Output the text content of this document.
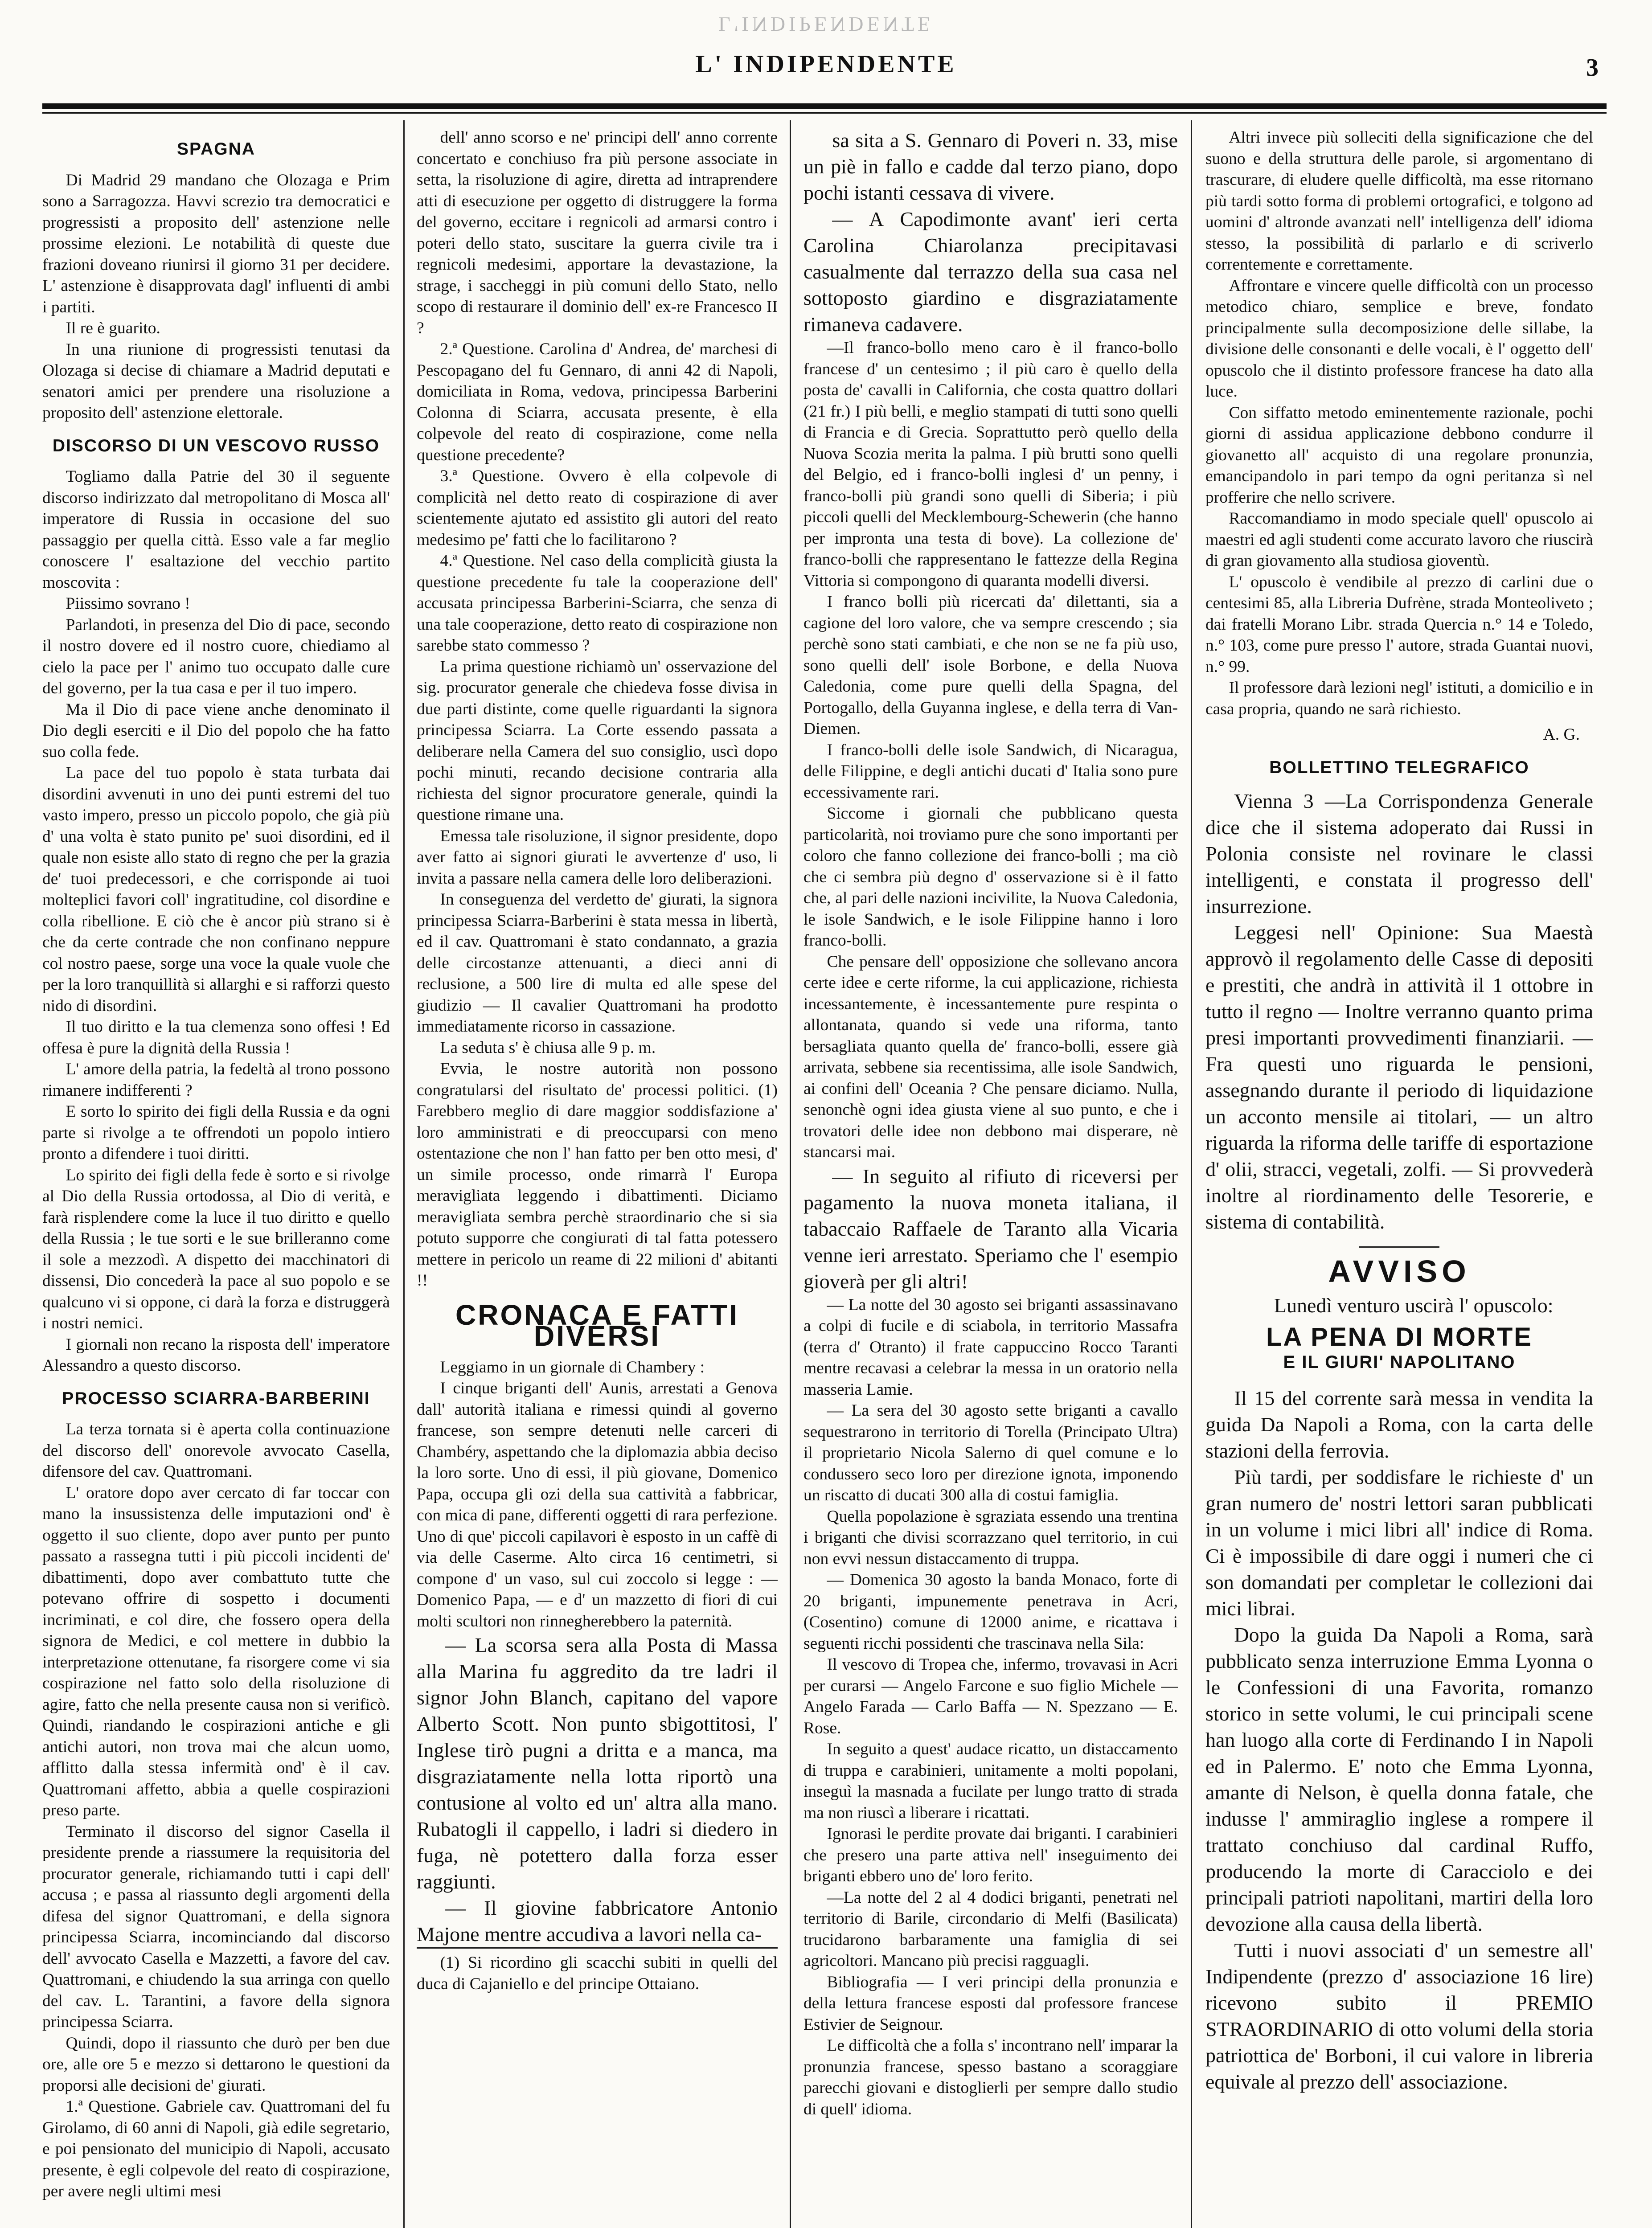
L'INDIPENDENTE
L' INDIPENDENTE	3
SPAGNA

Di Madrid 29 mandano che Olozaga e Prim sono a Sarragozza. Havvi screzio tra democratici e progressisti a proposito dell' astenzione nelle prossime elezioni. Le notabilità di queste due frazioni doveano riunirsi il giorno 31 per decidere. L' astenzione è disapprovata dagl' influenti di ambi i partiti.

Il re è guarito.

In una riunione di progressisti tenutasi da Olozaga si decise di chiamare a Madrid deputati e senatori amici per prendere una risoluzione a proposito dell' astenzione elettorale.

DISCORSO DI UN VESCOVO RUSSO

Togliamo dalla Patrie del 30 il seguente discorso indirizzato dal metropolitano di Mosca all' imperatore di Russia in occasione del suo passaggio per quella città. Esso vale a far meglio conoscere l' esaltazione del vecchio partito moscovita :

Piissimo sovrano !

Parlandoti, in presenza del Dio di pace, secondo il nostro dovere ed il nostro cuore, chiediamo al cielo la pace per l' animo tuo occupato dalle cure del governo, per la tua casa e per il tuo impero.

Ma il Dio di pace viene anche denominato il Dio degli eserciti e il Dio del popolo che ha fatto suo colla fede.

La pace del tuo popolo è stata turbata dai disordini avvenuti in uno dei punti estremi del tuo vasto impero, presso un piccolo popolo, che già più d' una volta è stato punito pe' suoi disordini, ed il quale non esiste allo stato di regno che per la grazia de' tuoi predecessori, e che corrisponde ai tuoi molteplici favori coll' ingratitudine, col disordine e colla ribellione. E ciò che è ancor più strano si è che da certe contrade che non confinano neppure col nostro paese, sorge una voce la quale vuole che per la loro tranquillità si allarghi e si rafforzi questo nido di disordini.

Il tuo diritto e la tua clemenza sono offesi ! Ed offesa è pure la dignità della Russia !

L' amore della patria, la fedeltà al trono possono rimanere indifferenti ?

E sorto lo spirito dei figli della Russia e da ogni parte si rivolge a te offrendoti un popolo intiero pronto a difendere i tuoi diritti.

Lo spirito dei figli della fede è sorto e si rivolge al Dio della Russia ortodossa, al Dio di verità, e farà risplendere come la luce il tuo diritto e quello della Russia ; le tue sorti e le sue brilleranno come il sole a mezzodì. A dispetto dei macchinatori di dissensi, Dio concederà la pace al suo popolo e se qualcuno vi si oppone, ci darà la forza e distruggerà i nostri nemici.

I giornali non recano la risposta dell' imperatore Alessandro a questo discorso.

PROCESSO SCIARRA-BARBERINI

La terza tornata si è aperta colla continuazione del discorso dell' onorevole avvocato Casella, difensore del cav. Quattromani.

L' oratore dopo aver cercato di far toccar con mano la insussistenza delle imputazioni ond' è oggetto il suo cliente, dopo aver punto per punto passato a rassegna tutti i più piccoli incidenti de' dibattimenti, dopo aver combattuto tutte che potevano offrire di sospetto i documenti incriminati, e col dire, che fossero opera della signora de Medici, e col mettere in dubbio la interpretazione ottenutane, fa risorgere come vi sia cospirazione nel fatto solo della risoluzione di agire, fatto che nella presente causa non si verificò. Quindi, riandando le cospirazioni antiche e gli antichi autori, non trova mai che alcun uomo, afflitto dalla stessa infermità ond' è il cav. Quattromani affetto, abbia a quelle cospirazioni preso parte.

Terminato il discorso del signor Casella il presidente prende a riassumere la requisitoria del procurator generale, richiamando tutti i capi dell' accusa ; e passa al riassunto degli argomenti della difesa del signor Quattromani, e della signora principessa Sciarra, incominciando dal discorso dell' avvocato Casella e Mazzetti, a favore del cav. Quattromani, e chiudendo la sua arringa con quello del cav. L. Tarantini, a favore della signora principessa Sciarra.

Quindi, dopo il riassunto che durò per ben due ore, alle ore 5 e mezzo si dettarono le questioni da proporsi alle decisioni de' giurati.

1.ª Questione. Gabriele cav. Quattromani del fu Girolamo, di 60 anni di Napoli, già edile segretario, e poi pensionato del municipio di Napoli, accusato presente, è egli colpevole del reato di cospirazione, per avere negli ultimi mesi

dell' anno scorso e ne' principi dell' anno corrente concertato e conchiuso fra più persone associate in setta, la risoluzione di agire, diretta ad intraprendere atti di esecuzione per oggetto di distruggere la forma del governo, eccitare i regnicoli ad armarsi contro i poteri dello stato, suscitare la guerra civile tra i regnicoli medesimi, apportare la devastazione, la strage, i saccheggi in più comuni dello Stato, nello scopo di restaurare il dominio dell' ex-re Francesco II ?

2.ª Questione. Carolina d' Andrea, de' marchesi di Pescopagano del fu Gennaro, di anni 42 di Napoli, domiciliata in Roma, vedova, principessa Barberini Colonna di Sciarra, accusata presente, è ella colpevole del reato di cospirazione, come nella questione precedente?

3.ª Questione. Ovvero è ella colpevole di complicità nel detto reato di cospirazione di aver scientemente ajutato ed assistito gli autori del reato medesimo pe' fatti che lo facilitarono ?

4.ª Questione. Nel caso della complicità giusta la questione precedente fu tale la cooperazione dell' accusata principessa Barberini-Sciarra, che senza di una tale cooperazione, detto reato di cospirazione non sarebbe stato commesso ?

La prima questione richiamò un' osservazione del sig. procurator generale che chiedeva fosse divisa in due parti distinte, come quelle riguardanti la signora principessa Sciarra. La Corte essendo passata a deliberare nella Camera del suo consiglio, uscì dopo pochi minuti, recando decisione contraria alla richiesta del signor procuratore generale, quindi la questione rimane una.

Emessa tale risoluzione, il signor presidente, dopo aver fatto ai signori giurati le avvertenze d' uso, li invita a passare nella camera delle loro deliberazioni.

In conseguenza del verdetto de' giurati, la signora principessa Sciarra-Barberini è stata messa in libertà, ed il cav. Quattromani è stato condannato, a grazia delle circostanze attenuanti, a dieci anni di reclusione, a 500 lire di multa ed alle spese del giudizio — Il cavalier Quattromani ha prodotto immediatamente ricorso in cassazione.

La seduta s' è chiusa alle 9 p. m.

Evvia, le nostre autorità non possono congratularsi del risultato de' processi politici. (1) Farebbero meglio di dare maggior soddisfazione a' loro amministrati e di preoccuparsi con meno ostentazione che non l' han fatto per ben otto mesi, d' un simile processo, onde rimarrà l' Europa meravigliata leggendo i dibattimenti. Diciamo meravigliata sembra perchè straordinario che si sia potuto supporre che congiurati di tal fatta potessero mettere in pericolo un reame di 22 milioni d' abitanti !!

CRONACA E FATTI DIVERSI

Leggiamo in un giornale di Chambery :

I cinque briganti dell' Aunis, arrestati a Genova dall' autorità italiana e rimessi quindi al governo francese, son sempre detenuti nelle carceri di Chambéry, aspettando che la diplomazia abbia deciso la loro sorte. Uno di essi, il più giovane, Domenico Papa, occupa gli ozi della sua cattività a fabbricar, con mica di pane, differenti oggetti di rara perfezione. Uno di que' piccoli capilavori è esposto in un caffè di via delle Caserme. Alto circa 16 centimetri, si compone d' un vaso, sul cui zoccolo si legge : — Domenico Papa, — e d' un mazzetto di fiori di cui molti scultori non rinnegherebbero la paternità.

— La scorsa sera alla Posta di Massa alla Marina fu aggredito da tre ladri il signor John Blanch, capitano del vapore Alberto Scott. Non punto sbigottitosi, l' Inglese tirò pugni a dritta e a manca, ma disgraziatamente nella lotta riportò una contusione al volto ed un' altra alla mano. Rubatogli il cappello, i ladri si diedero in fuga, nè potettero dalla forza esser raggiunti.

— Il giovine fabbricatore Antonio Majone mentre accudiva a lavori nella ca-

(1) Si ricordino gli scacchi subiti in quelli del duca di Cajaniello e del principe Ottaiano.

sa sita a S. Gennaro di Poveri n. 33, mise un piè in fallo e cadde dal terzo piano, dopo pochi istanti cessava di vivere.

— A Capodimonte avant' ieri certa Carolina Chiarolanza precipitavasi casualmente dal terrazzo della sua casa nel sottoposto giardino e disgraziatamente rimaneva cadavere.

—Il franco-bollo meno caro è il franco-bollo francese d' un centesimo ; il più caro è quello della posta de' cavalli in California, che costa quattro dollari (21 fr.) I più belli, e meglio stampati di tutti sono quelli di Francia e di Grecia. Soprattutto però quello della Nuova Scozia merita la palma. I più brutti sono quelli del Belgio, ed i franco-bolli inglesi d' un penny, i franco-bolli più grandi sono quelli di Siberia; i più piccoli quelli del Mecklembourg-Schewerin (che hanno per impronta una testa di bove). La collezione de' franco-bolli che rappresentano le fattezze della Regina Vittoria si compongono di quaranta modelli diversi.

I franco bolli più ricercati da' dilettanti, sia a cagione del loro valore, che va sempre crescendo ; sia perchè sono stati cambiati, e che non se ne fa più uso, sono quelli dell' isole Borbone, e della Nuova Caledonia, come pure quelli della Spagna, del Portogallo, della Guyanna inglese, e della terra di Van-Diemen.

I franco-bolli delle isole Sandwich, di Nicaragua, delle Filippine, e degli antichi ducati d' Italia sono pure eccessivamente rari.

Siccome i giornali che pubblicano questa particolarità, noi troviamo pure che sono importanti per coloro che fanno collezione dei franco-bolli ; ma ciò che ci sembra più degno d' osservazione si è il fatto che, al pari delle nazioni incivilite, la Nuova Caledonia, le isole Sandwich, e le isole Filippine hanno i loro franco-bolli.

Che pensare dell' opposizione che sollevano ancora certe idee e certe riforme, la cui applicazione, richiesta incessantemente, è incessantemente pure respinta o allontanata, quando si vede una riforma, tanto bersagliata quanto quella de' franco-bolli, essere già arrivata, sebbene sia recentissima, alle isole Sandwich, ai confini dell' Oceania ? Che pensare diciamo. Nulla, senonchè ogni idea giusta viene al suo punto, e che i trovatori delle idee non debbono mai disperare, nè stancarsi mai.

— In seguito al rifiuto di riceversi per pagamento la nuova moneta italiana, il tabaccaio Raffaele de Taranto alla Vicaria venne ieri arrestato. Speriamo che l' esempio gioverà per gli altri!

— La notte del 30 agosto sei briganti assassinavano a colpi di fucile e di sciabola, in territorio Massafra (terra d' Otranto) il frate cappuccino Rocco Taranti mentre recavasi a celebrar la messa in un oratorio nella masseria Lamie.

— La sera del 30 agosto sette briganti a cavallo sequestrarono in territorio di Torella (Principato Ultra) il proprietario Nicola Salerno di quel comune e lo condussero seco loro per direzione ignota, imponendo un riscatto di ducati 300 alla di costui famiglia.

Quella popolazione è sgraziata essendo una trentina i briganti che divisi scorrazzano quel territorio, in cui non evvi nessun distaccamento di truppa.

— Domenica 30 agosto la banda Monaco, forte di 20 briganti, impunemente penetrava in Acri, (Cosentino) comune di 12000 anime, e ricattava i seguenti ricchi possidenti che trascinava nella Sila:

Il vescovo di Tropea che, infermo, trovavasi in Acri per curarsi — Angelo Farcone e suo figlio Michele — Angelo Farada — Carlo Baffa — N. Spezzano — E. Rose.

In seguito a quest' audace ricatto, un distaccamento di truppa e carabinieri, unitamente a molti popolani, inseguì la masnada a fucilate per lungo tratto di strada ma non riuscì a liberare i ricattati.

Ignorasi le perdite provate dai briganti. I carabinieri che presero una parte attiva nell' inseguimento dei briganti ebbero uno de' loro ferito.

—La notte del 2 al 4 dodici briganti, penetrati nel territorio di Barile, circondario di Melfi (Basilicata) trucidarono barbaramente una famiglia di sei agricoltori. Mancano più precisi ragguagli.

Bibliografia — I veri principi della pronunzia e della lettura francese esposti dal professore francese Estivier de Seignour.

Le difficoltà che a folla s' incontrano nell' imparar la pronunzia francese, spesso bastano a scoraggiare parecchi giovani e distoglierli per sempre dallo studio di quell' idioma.

Altri invece più solleciti della significazione che del suono e della struttura delle parole, si argomentano di trascurare, di eludere quelle difficoltà, ma esse ritornano più tardi sotto forma di problemi ortografici, e tolgono ad uomini d' altronde avanzati nell' intelligenza dell' idioma stesso, la possibilità di parlarlo e di scriverlo correntemente e correttamente.

Affrontare e vincere quelle difficoltà con un processo metodico chiaro, semplice e breve, fondato principalmente sulla decomposizione delle sillabe, la divisione delle consonanti e delle vocali, è l' oggetto dell' opuscolo che il distinto professore francese ha dato alla luce.

Con siffatto metodo eminentemente razionale, pochi giorni di assidua applicazione debbono condurre il giovanetto all' acquisto di una regolare pronunzia, emancipandolo in pari tempo da ogni peritanza sì nel profferire che nello scrivere.

Raccomandiamo in modo speciale quell' opuscolo ai maestri ed agli studenti come accurato lavoro che riuscirà di gran giovamento alla studiosa gioventù.

L' opuscolo è vendibile al prezzo di carlini due o centesimi 85, alla Libreria Dufrène, strada Monteoliveto ; dai fratelli Morano Libr. strada Quercia n.° 14 e Toledo, n.° 103, come pure presso l' autore, strada Guantai nuovi, n.° 99.

Il professore darà lezioni negl' istituti, a domicilio e in casa propria, quando ne sarà richiesto.

A. G.
BOLLETTINO TELEGRAFICO

Vienna 3 —La Corrispondenza Generale dice che il sistema adoperato dai Russi in Polonia consiste nel rovinare le classi intelligenti, e constata il progresso dell' insurrezione.

Leggesi nell' Opinione: Sua Maestà approvò il regolamento delle Casse di depositi e prestiti, che andrà in attività il 1 ottobre in tutto il regno — Inoltre verranno quanto prima presi importanti provvedimenti finanziarii. — Fra questi uno riguarda le pensioni, assegnando durante il periodo di liquidazione un acconto mensile ai titolari, — un altro riguarda la riforma delle tariffe di esportazione d' olii, stracci, vegetali, zolfi. — Si provvederà inoltre al riordinamento delle Tesorerie, e sistema di contabilità.

AVVISO

Lunedì venturo uscirà l' opuscolo:

LA PENA DI MORTE
E IL GIURI' NAPOLITANO

Il 15 del corrente sarà messa in vendita la guida Da Napoli a Roma, con la carta delle stazioni della ferrovia.

Più tardi, per soddisfare le richieste d' un gran numero de' nostri lettori saran pubblicati in un volume i mici libri all' indice di Roma. Ci è impossibile di dare oggi i numeri che ci son domandati per completar le collezioni dai mici librai.

Dopo la guida Da Napoli a Roma, sarà pubblicato senza interruzione Emma Lyonna o le Confessioni di una Favorita, romanzo storico in sette volumi, le cui principali scene han luogo alla corte di Ferdinando I in Napoli ed in Palermo. E' noto che Emma Lyonna, amante di Nelson, è quella donna fatale, che indusse l' ammiraglio inglese a rompere il trattato conchiuso dal cardinal Ruffo, producendo la morte di Caracciolo e dei principali patrioti napolitani, martiri della loro devozione alla causa della libertà.

Tutti i nuovi associati d' un semestre all' Indipendente (prezzo d' associazione 16 lire) ricevono subito il PREMIO STRAORDINARIO di otto volumi della storia patriottica de' Borboni, il cui valore in libreria equivale al prezzo dell' associazione.
